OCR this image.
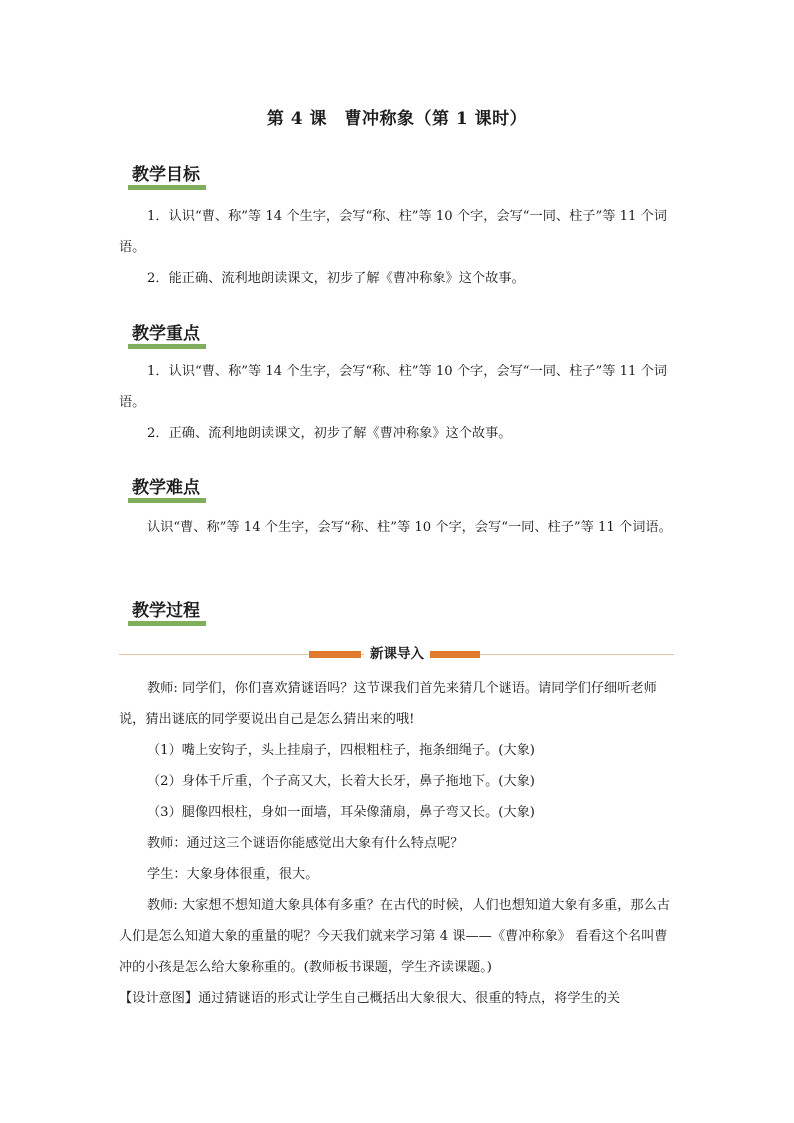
第 4 课　曹冲称象（第 1 课时）
教学目标

1．认识“曹、称”等 14 个生字，会写“称、柱”等 10 个字，会写“一同、柱子”等 11 个词语。

2．能正确、流利地朗读课文，初步了解《曹冲称象》这个故事。

教学重点

1．认识“曹、称”等 14 个生字，会写“称、柱”等 10 个字，会写“一同、柱子”等 11 个词语。

2．正确、流利地朗读课文，初步了解《曹冲称象》这个故事。

教学难点

认识“曹、称”等 14 个生字，会写“称、柱”等 10 个字，会写“一同、柱子”等 11 个词语。

教学过程
新课导入

教师: 同学们，你们喜欢猜谜语吗？这节课我们首先来猜几个谜语。请同学们仔细听老师说，猜出谜底的同学要说出自己是怎么猜出来的哦!

（1）嘴上安钩子，头上挂扇子，四根粗柱子，拖条细绳子。(大象)

（2）身体千斤重，个子高又大，长着大长牙，鼻子拖地下。(大象)

（3）腿像四根柱，身如一面墙，耳朵像蒲扇，鼻子弯又长。(大象)

教师：通过这三个谜语你能感觉出大象有什么特点呢？

学生：大象身体很重，很大。

教师: 大家想不想知道大象具体有多重？在古代的时候，人们也想知道大象有多重，那么古人们是怎么知道大象的重量的呢？今天我们就来学习第 4 课——《曹冲称象》 看看这个名叫曹冲的小孩是怎么给大象称重的。(教师板书课题，学生齐读课题。)

【设计意图】通过猜谜语的形式让学生自己概括出大象很大、很重的特点，将学生的关
